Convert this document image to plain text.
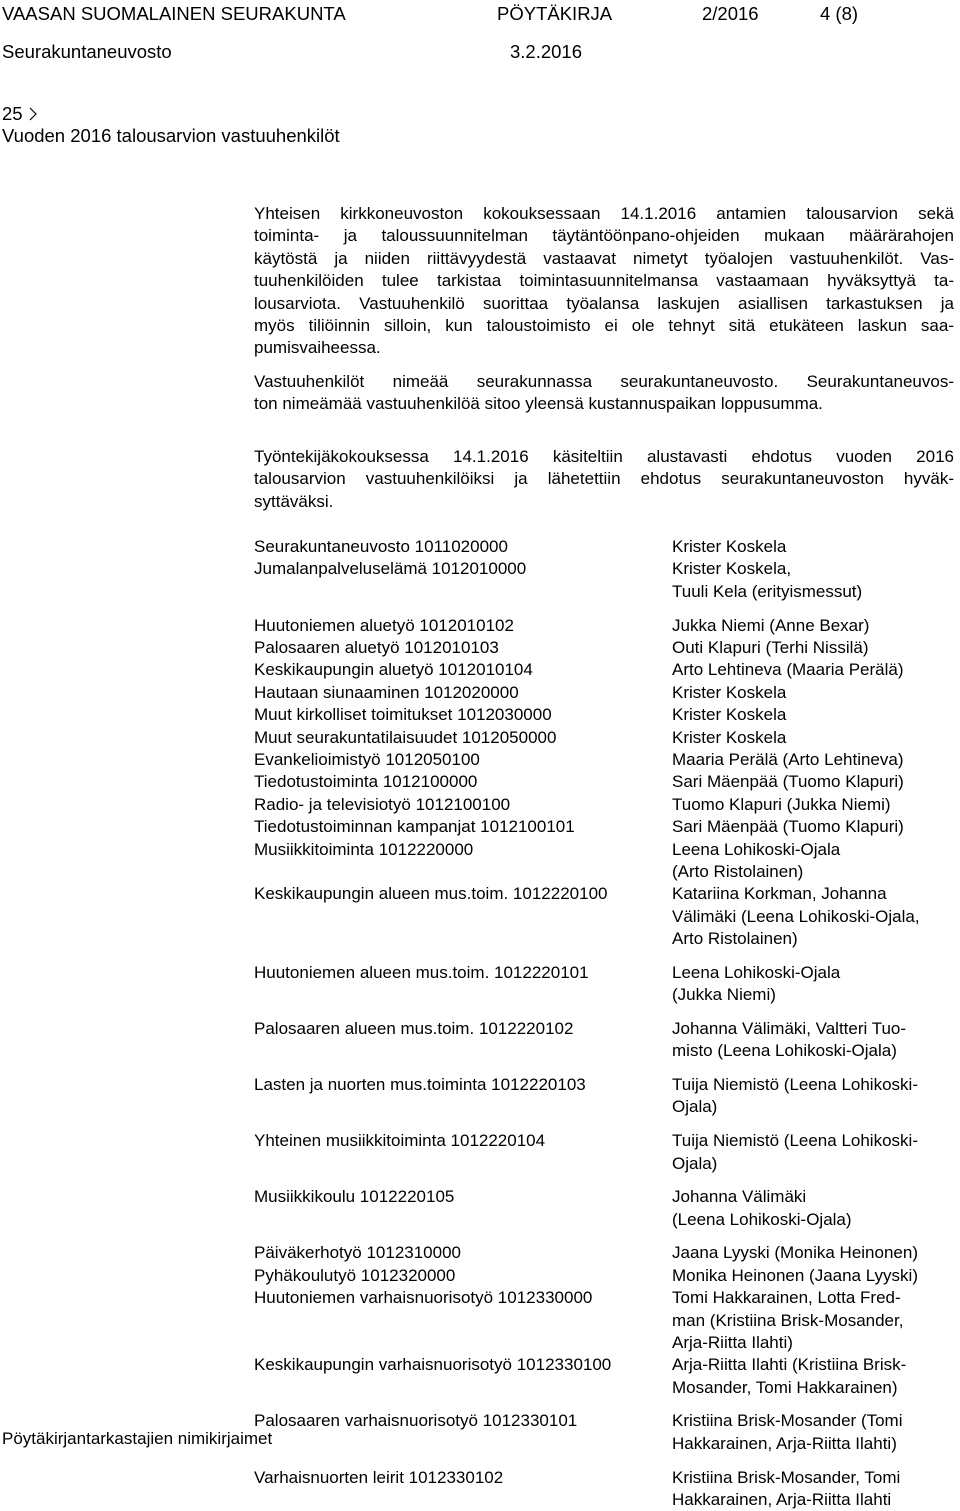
VAASAN SUOMALAINEN SEURAKUNTA	PÖYTÄKIRJA	2/2016	4 (8)
Seurakuntaneuvosto	3.2.2016
25
Vuoden 2016 talousarvion vastuuhenkilöt
Yhteisen kirkkoneuvoston kokouksessaan 14.1.2016 antamien talousarvion sekä
toiminta- ja taloussuunnitelman täytäntöönpano-ohjeiden mukaan määrärahojen
käytöstä ja niiden riittävyydestä vastaavat nimetyt työalojen vastuuhenkilöt. Vas-
tuuhenkilöiden tulee tarkistaa toimintasuunnitelmansa vastaamaan hyväksyttyä ta-
lousarviota. Vastuuhenkilö suorittaa työalansa laskujen asiallisen tarkastuksen ja
myös tiliöinnin silloin, kun taloustoimisto ei ole tehnyt sitä etukäteen laskun saa-
pumisvaiheessa.
Vastuuhenkilöt nimeää seurakunnassa seurakuntaneuvosto. Seurakuntaneuvos-
ton nimeämää vastuuhenkilöä sitoo yleensä kustannuspaikan loppusumma.
Työntekijäkokouksessa 14.1.2016 käsiteltiin alustavasti ehdotus vuoden 2016
talousarvion vastuuhenkilöiksi ja lähetettiin ehdotus seurakuntaneuvoston hyväk-
syttäväksi.
Seurakuntaneuvosto 1011020000	Krister Koskela
Jumalanpalveluselämä 1012010000	Krister Koskela,
Tuuli Kela (erityismessut)
Huutoniemen aluetyö 1012010102	Jukka Niemi (Anne Bexar)
Palosaaren aluetyö 1012010103	Outi Klapuri (Terhi Nissilä)
Keskikaupungin aluetyö 1012010104	Arto Lehtineva (Maaria Perälä)
Hautaan siunaaminen 1012020000	Krister Koskela
Muut kirkolliset toimitukset 1012030000	Krister Koskela
Muut seurakuntatilaisuudet 1012050000	Krister Koskela
Evankelioimistyö 1012050100	Maaria Perälä (Arto Lehtineva)
Tiedotustoiminta 1012100000	Sari Mäenpää (Tuomo Klapuri)
Radio- ja televisiotyö 1012100100	Tuomo Klapuri (Jukka Niemi)
Tiedotustoiminnan kampanjat 1012100101	Sari Mäenpää (Tuomo Klapuri)
Musiikkitoiminta 1012220000	Leena Lohikoski-Ojala
(Arto Ristolainen)
Keskikaupungin alueen mus.toim. 1012220100	Katariina Korkman, Johanna
Välimäki (Leena Lohikoski-Ojala,
Arto Ristolainen)
Huutoniemen alueen mus.toim. 1012220101	Leena Lohikoski-Ojala
(Jukka Niemi)
Palosaaren alueen mus.toim. 1012220102	Johanna Välimäki, Valtteri Tuo-
misto (Leena Lohikoski-Ojala)
Lasten ja nuorten mus.toiminta 1012220103	Tuija Niemistö (Leena Lohikoski-
Ojala)
Yhteinen musiikkitoiminta 1012220104	Tuija Niemistö (Leena Lohikoski-
Ojala)
Musiikkikoulu 1012220105	Johanna Välimäki
(Leena Lohikoski-Ojala)
Päiväkerhotyö 1012310000	Jaana Lyyski (Monika Heinonen)
Pyhäkoulutyö 1012320000	Monika Heinonen (Jaana Lyyski)
Huutoniemen varhaisnuorisotyö 1012330000	Tomi Hakkarainen, Lotta Fred-
man (Kristiina Brisk-Mosander,
Arja-Riitta Ilahti)
Keskikaupungin varhaisnuorisotyö 1012330100	Arja-Riitta Ilahti (Kristiina Brisk-
Mosander, Tomi Hakkarainen)
Palosaaren varhaisnuorisotyö 1012330101	Kristiina Brisk-Mosander (Tomi
Hakkarainen, Arja-Riitta Ilahti)
Varhaisnuorten leirit 1012330102	Kristiina Brisk-Mosander, Tomi
Hakkarainen, Arja-Riitta Ilahti
Pöytäkirjantarkastajien nimikirjaimet
